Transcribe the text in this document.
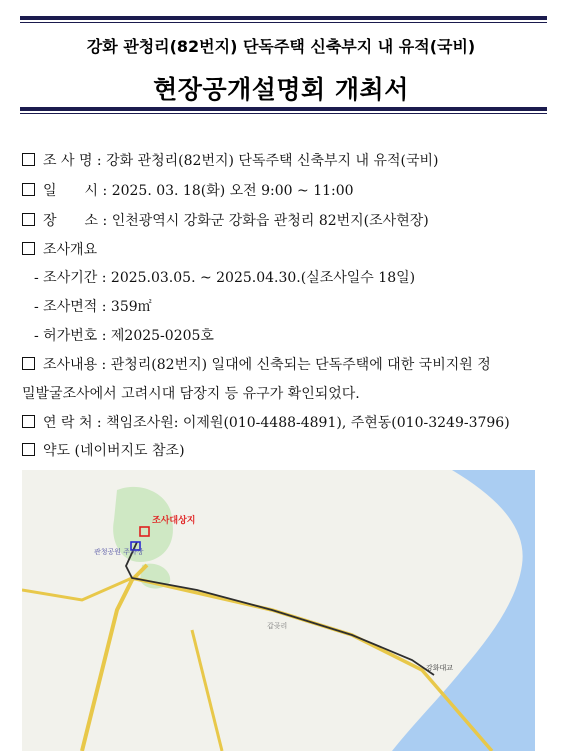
강화 관청리(82번지) 단독주택 신축부지 내 유적(국비)
현장공개설명회 개최서
조 사 명 : 강화 관청리(82번지) 단독주택 신축부지 내 유적(국비)
일　　시 : 2025. 03. 18(화) 오전 9:00 ~ 11:00
장　　소 : 인천광역시 강화군 강화읍 관청리 82번지(조사현장)
조사개요
- 조사기간 : 2025.03.05. ~ 2025.04.30.(실조사일수 18일)
- 조사면적 : 359㎡
- 허가번호 : 제2025-0205호
조사내용 : 관청리(82번지) 일대에 신축되는 단독주택에 대한 국비지원 정
밀발굴조사에서 고려시대 담장지 등 유구가 확인되었다.
연 락 처 : 책임조사원: 이제원(010-4488-4891), 주현동(010-3249-3796)
약도 (네이버지도 참조)
조사대상지
관청공원 주차장
갑곶리
강화대교
